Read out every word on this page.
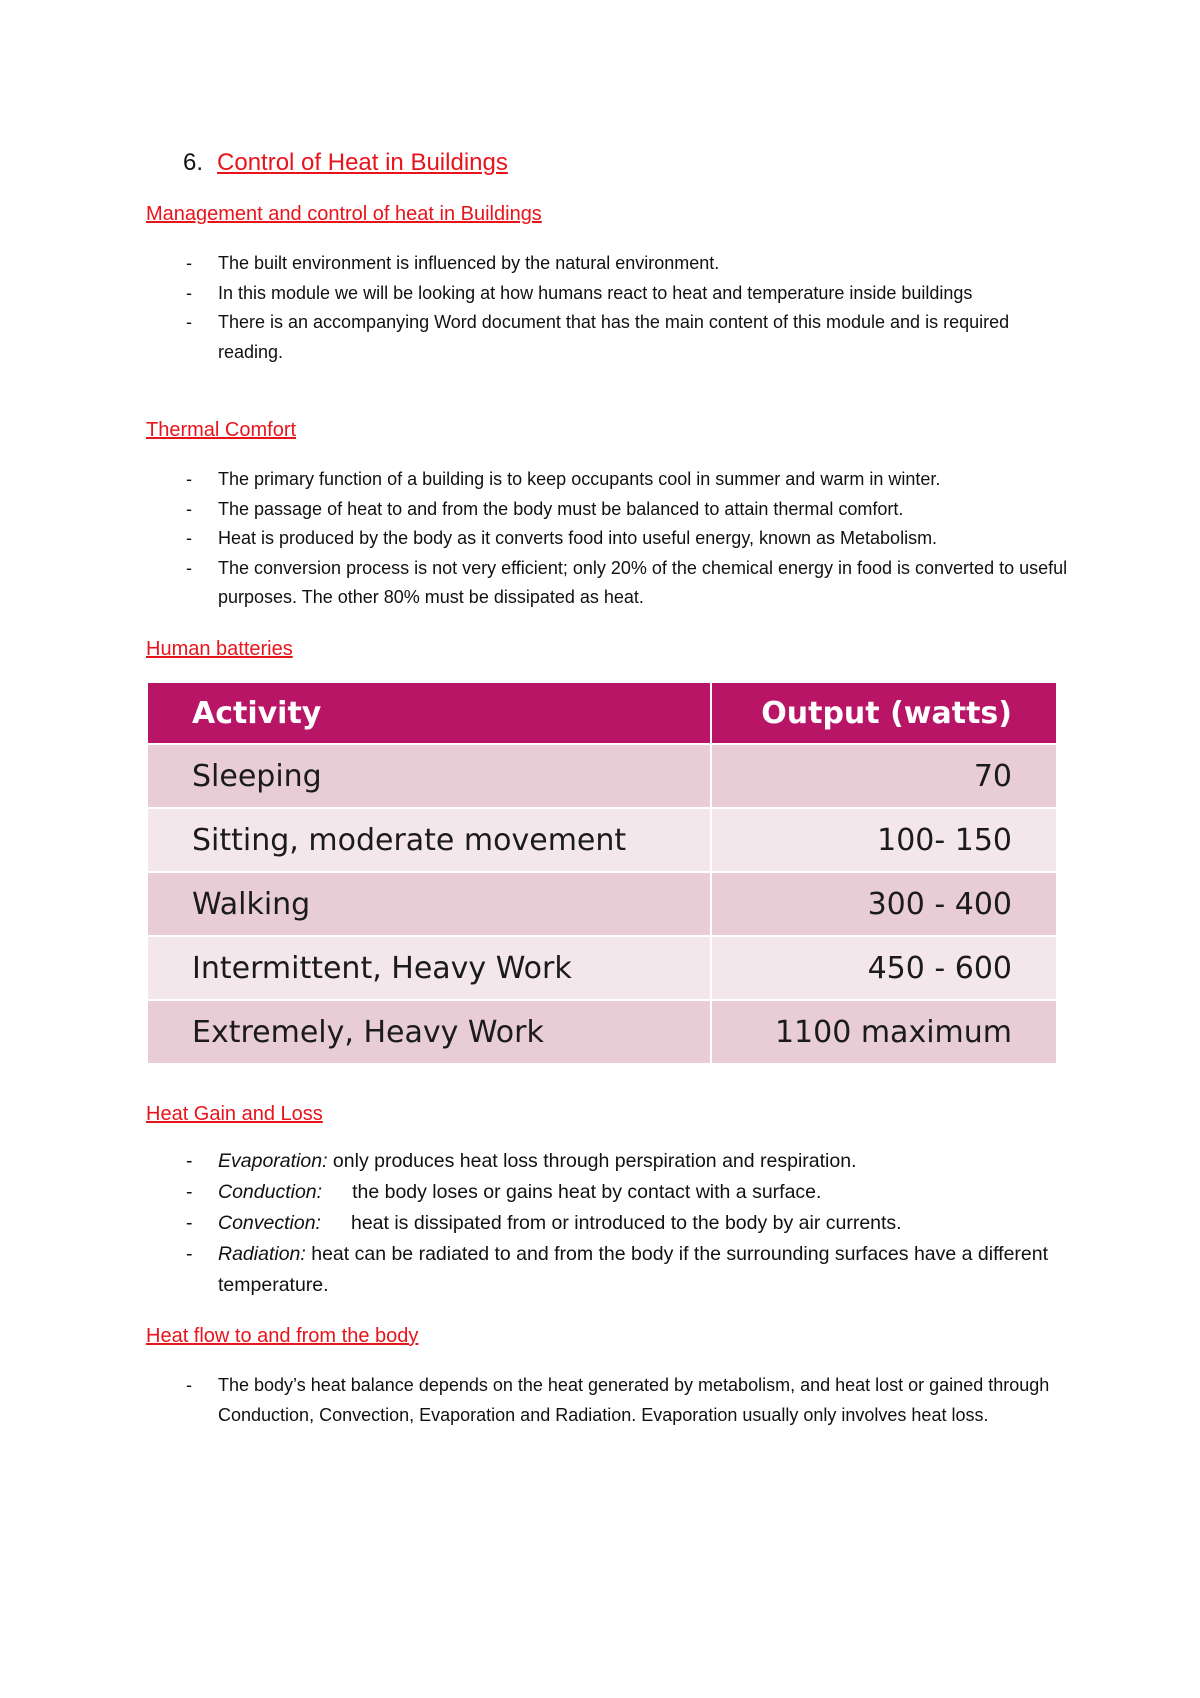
6. Control of Heat in Buildings
Management and control of heat in Buildings
- The built environment is influenced by the natural environment.
- In this module we will be looking at how humans react to heat and temperature inside buildings
- There is an accompanying Word document that has the main content of this module and is required reading.
Thermal Comfort
- The primary function of a building is to keep occupants cool in summer and warm in winter.
- The passage of heat to and from the body must be balanced to attain thermal comfort.
- Heat is produced by the body as it converts food into useful energy, known as Metabolism.
- The conversion process is not very efficient; only 20% of the chemical energy in food is converted to useful purposes. The other 80% must be dissipated as heat.
Human batteries
Activity	Output (watts)
Sleeping	70
Sitting, moderate movement	100- 150
Walking	300 - 400
Intermittent, Heavy Work	450 - 600
Extremely, Heavy Work	1100 maximum
Heat Gain and Loss
- Evaporation: only produces heat loss through perspiration and respiration.
- Conduction: the body loses or gains heat by contact with a surface.
- Convection: heat is dissipated from or introduced to the body by air currents.
- Radiation: heat can be radiated to and from the body if the surrounding surfaces have a different temperature.
Heat flow to and from the body
- The body’s heat balance depends on the heat generated by metabolism, and heat lost or gained through Conduction, Convection, Evaporation and Radiation. Evaporation usually only involves heat loss.
